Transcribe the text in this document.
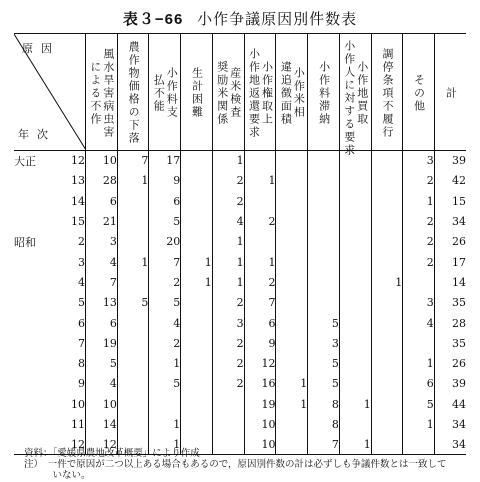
表３−66 小作争議原因別件数表
原因
年次		風水旱害病虫害
による不作	農作物価格の下落	小作料支
払不能	生計困難	産米検査
奨励米関係	小作権取上
小作地返還要求	小作米相
違追徴面積	小作料滞納	小作地買取
小作人に対する要求	調停条項不履行	その他	計

大正	12	10	7	17		1						3	39
	13	28	1	9		2	1					2	42
	14	6		6		2						1	15
	15	21		5		4	2					2	34
昭和	2	3		20		1						2	26
	3	4	1	7	1	1	1					2	17
	4	7		2	1	1	2				1		14
	5	13	5	5		2	7					3	35
	6	6		4		3	6		5			4	28
	7	19		2		2	9		3				35
	8	5		1		2	12		5			1	26
	9	4		5		2	16	1	5			6	39
	10	10					19	1	8	1		5	44
	11	14		1			10		8			1	34
	12	12		1			10		7	1			34
資料：「愛媛県農地改革概要」により作成
注）　一件で原因が二つ以上ある場合もあるので，原因別件数の計は必ずしも争議件数とは一致して
　　　いない。
